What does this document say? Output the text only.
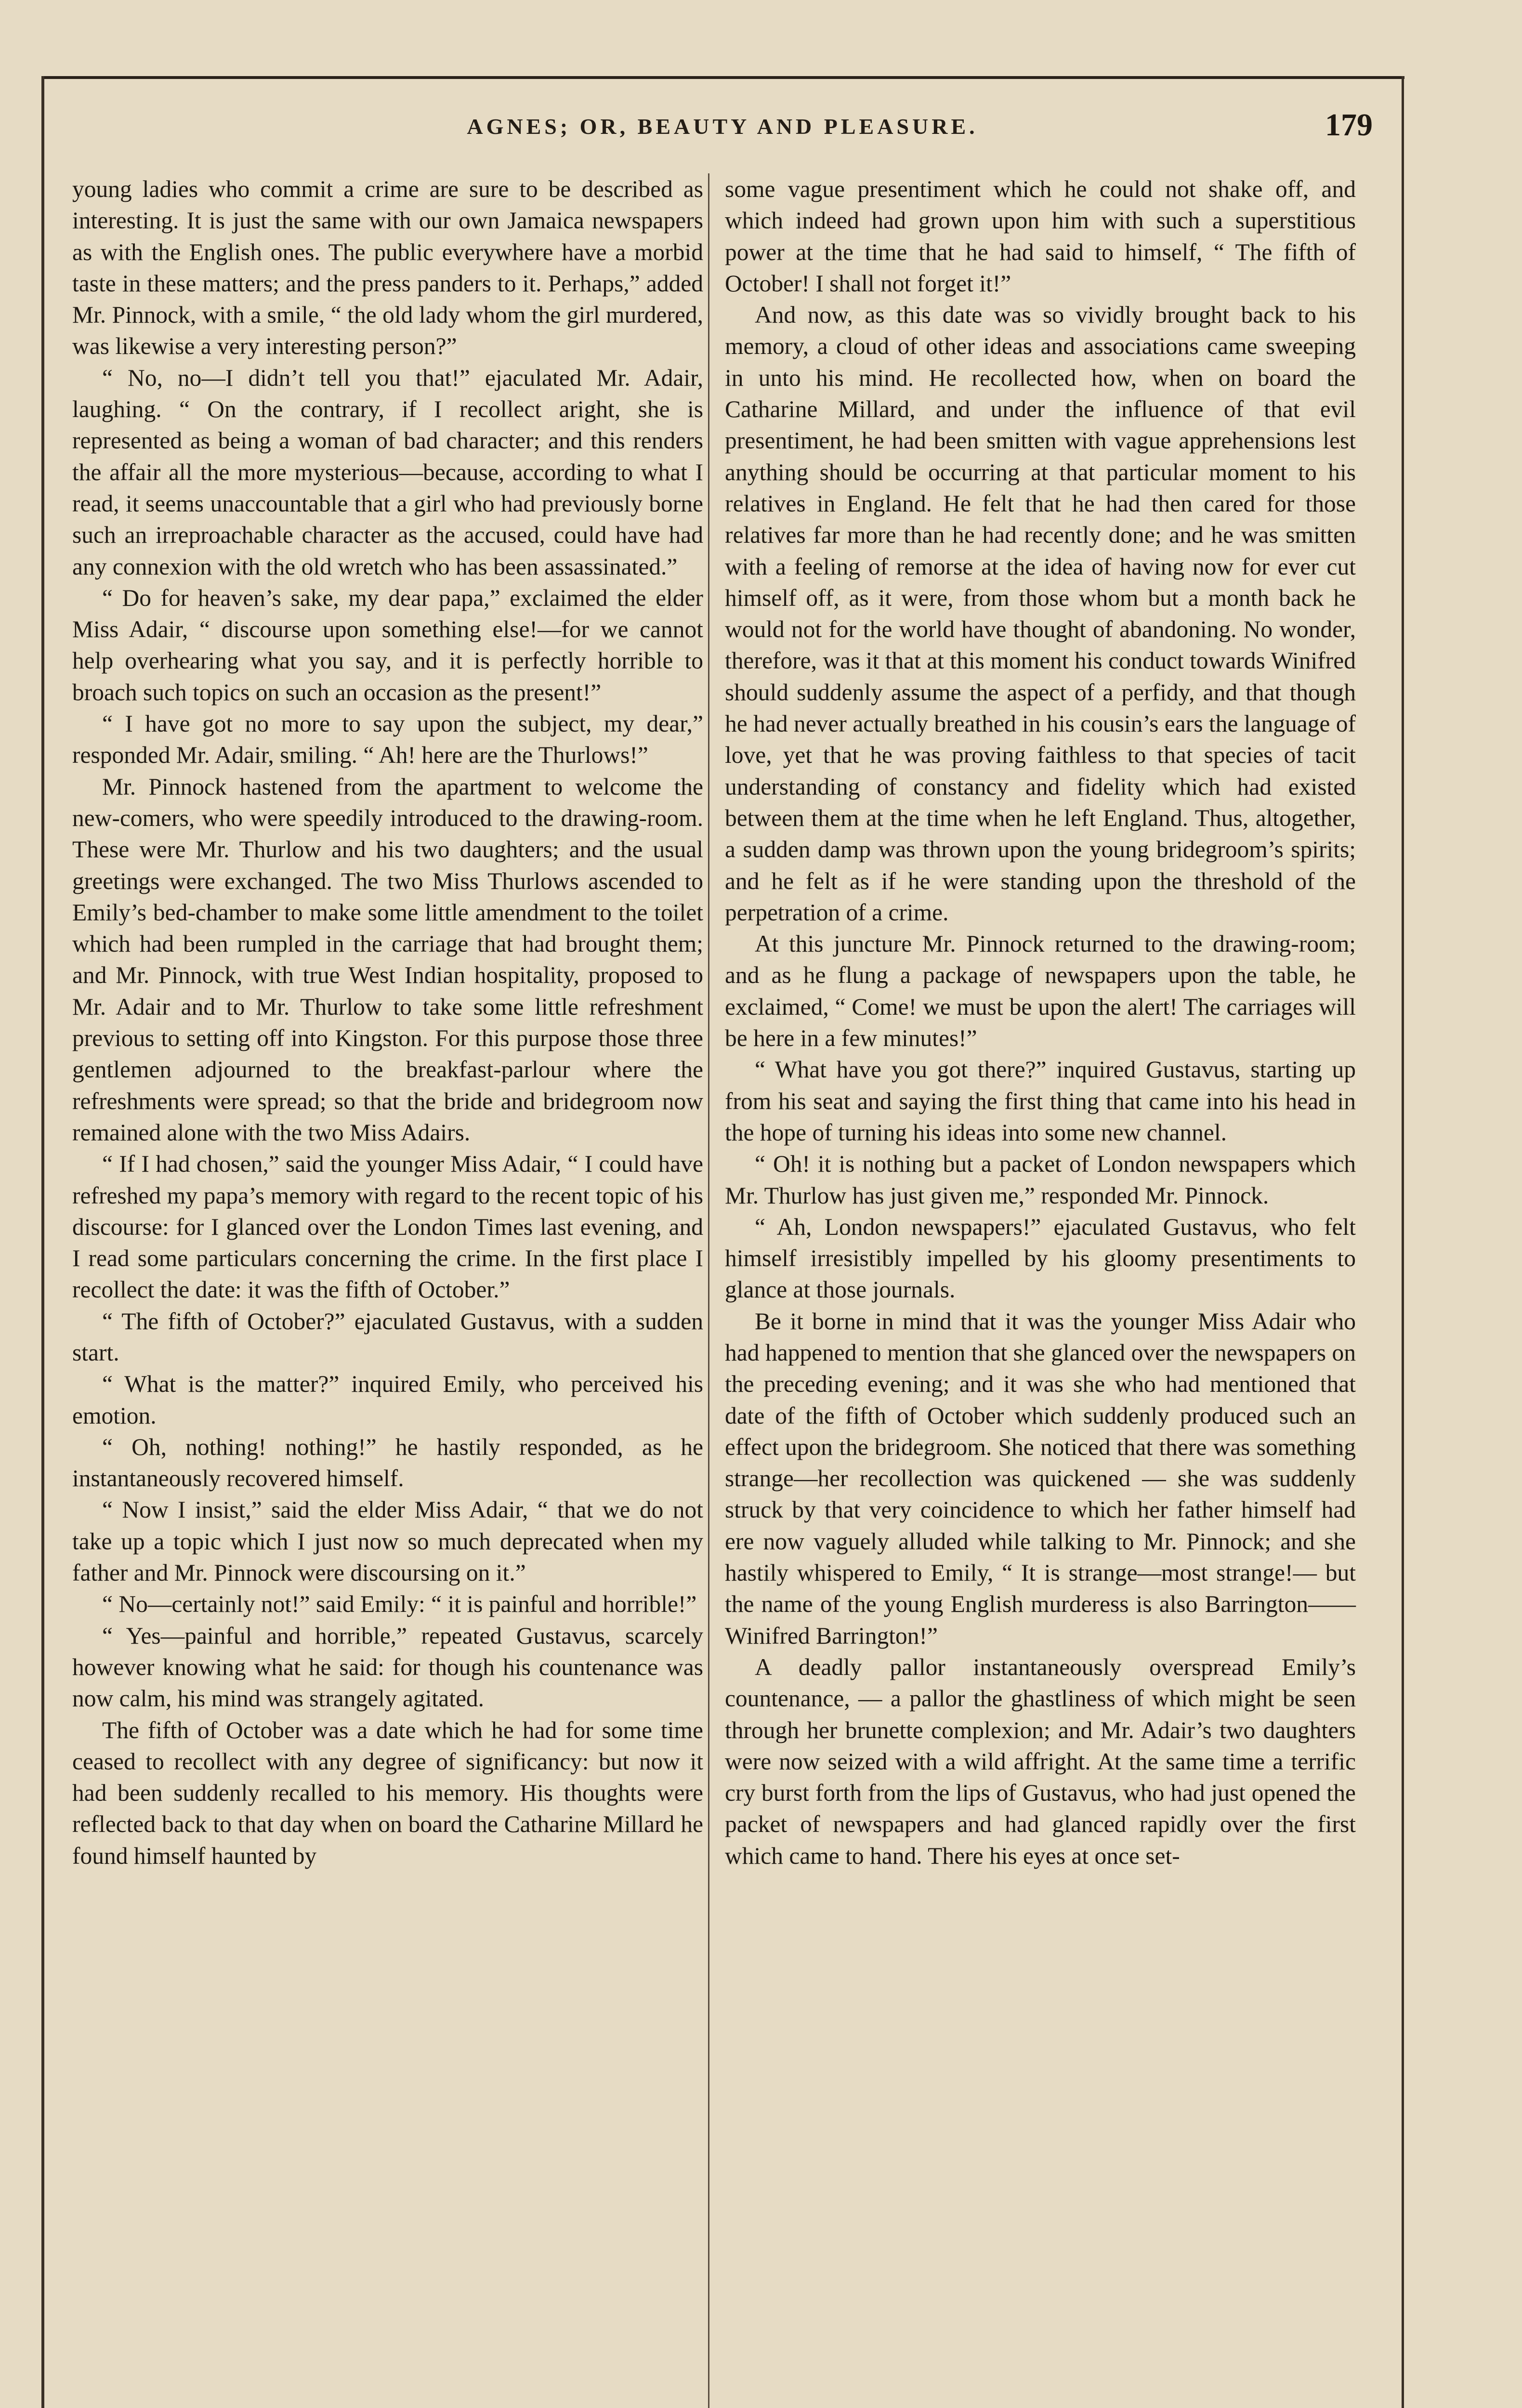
AGNES; OR, BEAUTY AND PLEASURE.	179

young ladies who commit a crime are sure to be described as interesting. It is just the same with our own Jamaica newspapers as with the English ones. The public everywhere have a morbid taste in these matters; and the press panders to it. Perhaps,” added Mr. Pinnock, with a smile, “ the old lady whom the girl murdered, was likewise a very interesting person?”

“ No, no—I didn’t tell you that!” ejaculated Mr. Adair, laughing. “ On the contrary, if I recollect aright, she is represented as being a woman of bad character; and this renders the affair all the more mysterious—because, according to what I read, it seems unaccountable that a girl who had previously borne such an irreproachable character as the accused, could have had any connexion with the old wretch who has been assassinated.”

“ Do for heaven’s sake, my dear papa,” exclaimed the elder Miss Adair, “ discourse upon something else!—for we cannot help overhearing what you say, and it is perfectly horrible to broach such topics on such an occasion as the present!”

“ I have got no more to say upon the subject, my dear,” responded Mr. Adair, smiling. “ Ah! here are the Thurlows!”

Mr. Pinnock hastened from the apartment to welcome the new-comers, who were speedily introduced to the drawing-room. These were Mr. Thurlow and his two daughters; and the usual greetings were exchanged. The two Miss Thurlows ascended to Emily’s bed-chamber to make some little amendment to the toilet which had been rumpled in the carriage that had brought them; and Mr. Pinnock, with true West Indian hospitality, proposed to Mr. Adair and to Mr. Thurlow to take some little refreshment previous to setting off into Kingston. For this purpose those three gentlemen adjourned to the breakfast-parlour where the refreshments were spread; so that the bride and bridegroom now remained alone with the two Miss Adairs.

“ If I had chosen,” said the younger Miss Adair, “ I could have refreshed my papa’s memory with regard to the recent topic of his discourse: for I glanced over the London Times last evening, and I read some particulars concerning the crime. In the first place I recollect the date: it was the fifth of October.”

“ The fifth of October?” ejaculated Gustavus, with a sudden start.

“ What is the matter?” inquired Emily, who perceived his emotion.

“ Oh, nothing! nothing!” he hastily responded, as he instantaneously recovered himself.

“ Now I insist,” said the elder Miss Adair, “ that we do not take up a topic which I just now so much deprecated when my father and Mr. Pinnock were discoursing on it.”

“ No—certainly not!” said Emily: “ it is painful and horrible!”

“ Yes—painful and horrible,” repeated Gustavus, scarcely however knowing what he said: for though his countenance was now calm, his mind was strangely agitated.

The fifth of October was a date which he had for some time ceased to recollect with any degree of significancy: but now it had been suddenly recalled to his memory. His thoughts were reflected back to that day when on board the Catharine Millard he found himself haunted by

some vague presentiment which he could not shake off, and which indeed had grown upon him with such a superstitious power at the time that he had said to himself, “ The fifth of October! I shall not forget it!”

And now, as this date was so vividly brought back to his memory, a cloud of other ideas and associations came sweeping in unto his mind. He recollected how, when on board the Catharine Millard, and under the influence of that evil presentiment, he had been smitten with vague apprehensions lest anything should be occurring at that particular moment to his relatives in England. He felt that he had then cared for those relatives far more than he had recently done; and he was smitten with a feeling of remorse at the idea of having now for ever cut himself off, as it were, from those whom but a month back he would not for the world have thought of abandoning. No wonder, therefore, was it that at this moment his conduct towards Winifred should suddenly assume the aspect of a perfidy, and that though he had never actually breathed in his cousin’s ears the language of love, yet that he was proving faithless to that species of tacit understanding of constancy and fidelity which had existed between them at the time when he left England. Thus, altogether, a sudden damp was thrown upon the young bridegroom’s spirits; and he felt as if he were standing upon the threshold of the perpetration of a crime.

At this juncture Mr. Pinnock returned to the drawing-room; and as he flung a package of newspapers upon the table, he exclaimed, “ Come! we must be upon the alert! The carriages will be here in a few minutes!”

“ What have you got there?” inquired Gustavus, starting up from his seat and saying the first thing that came into his head in the hope of turning his ideas into some new channel.

“ Oh! it is nothing but a packet of London newspapers which Mr. Thurlow has just given me,” responded Mr. Pinnock.

“ Ah, London newspapers!” ejaculated Gustavus, who felt himself irresistibly impelled by his gloomy presentiments to glance at those journals.

Be it borne in mind that it was the younger Miss Adair who had happened to mention that she glanced over the newspapers on the preceding evening; and it was she who had mentioned that date of the fifth of October which suddenly produced such an effect upon the bridegroom. She noticed that there was something strange—her recollection was quickened — she was suddenly struck by that very coincidence to which her father himself had ere now vaguely alluded while talking to Mr. Pinnock; and she hastily whispered to Emily, “ It is strange—most strange!— but the name of the young English murderess is also Barrington——Winifred Barrington!”

A deadly pallor instantaneously overspread Emily’s countenance, — a pallor the ghastliness of which might be seen through her brunette complexion; and Mr. Adair’s two daughters were now seized with a wild affright. At the same time a terrific cry burst forth from the lips of Gustavus, who had just opened the packet of newspapers and had glanced rapidly over the first which came to hand. There his eyes at once set-
